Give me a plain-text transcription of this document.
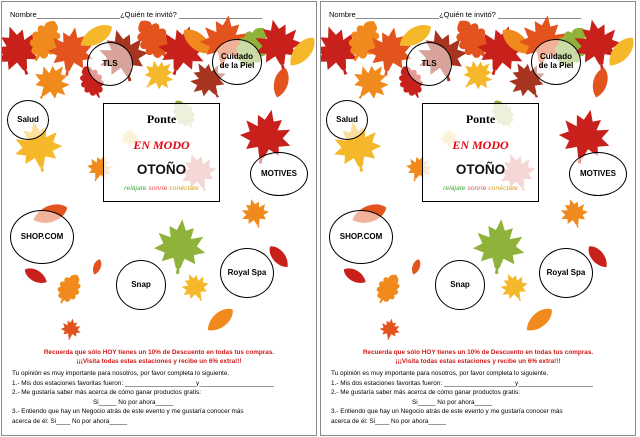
Nombre____________________¿Quién te invitó? ____________________
TLS
Cuidado
de la Piel
Salud
MOTIVES
SHOP.COM
Snap
Royal Spa
Ponte
EN MODO
OTOÑO
relájate sonríe conéctate
Recuerda que sólo HOY tienes un 10% de Descuento en todas tus compras.
¡¡¡Visita todas estas estaciones y recibe un 6% extra!!!
Tu opinión es muy importante para nosotros, por favor completa lo siguiente.
1.- Mis dos estaciones favoritas fueron: ____________________y_____________________
2.- Me gustaría saber más acerca de cómo ganar productos gratis:
Si_____ No por ahora_____
3.- Entiendo que hay un Negocio atrás de este evento y me gustaría conocer más
acerca de él: Si____ No por ahora_____
Nombre____________________¿Quién te invitó? ____________________
TLS
Cuidado
de la Piel
Salud
MOTIVES
SHOP.COM
Snap
Royal Spa
Ponte
EN MODO
OTOÑO
relájate sonríe conéctate
Recuerda que sólo HOY tienes un 10% de Descuento en todas tus compras.
¡¡¡Visita todas estas estaciones y recibe un 6% extra!!!
Tu opinión es muy importante para nosotros, por favor completa lo siguiente.
1.- Mis dos estaciones favoritas fueron: ____________________y_____________________
2.- Me gustaría saber más acerca de cómo ganar productos gratis:
Si_____ No por ahora_____
3.- Entiendo que hay un Negocio atrás de este evento y me gustaría conocer más
acerca de él: Si____ No por ahora_____
